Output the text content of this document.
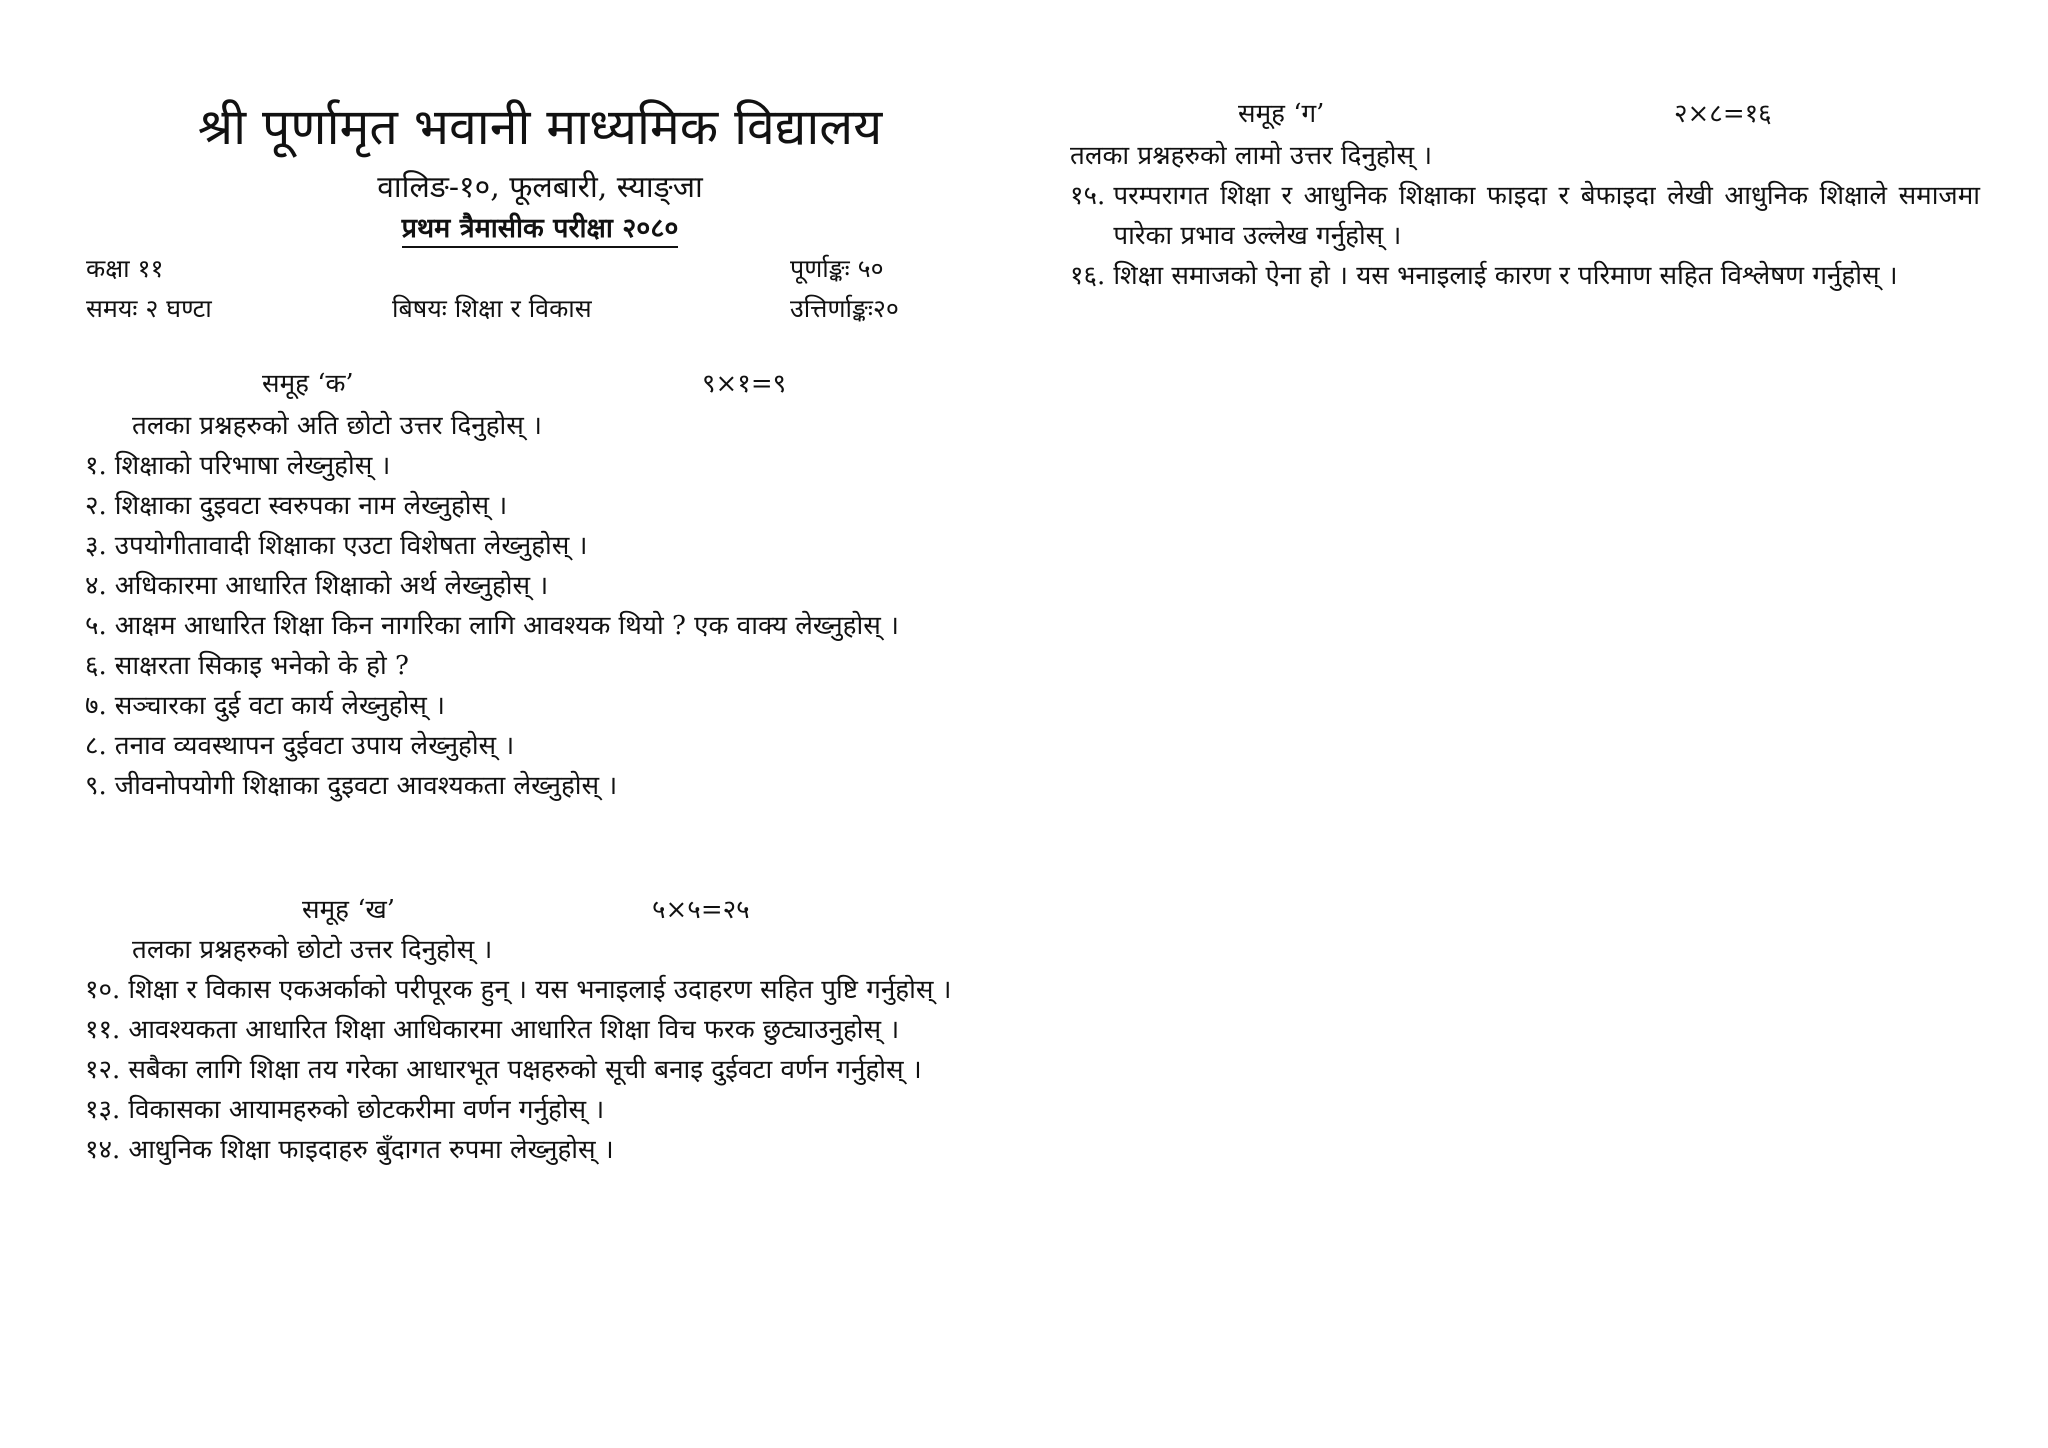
श्री पूर्णामृत भवानी माध्यमिक विद्यालय
वालिङ-१०, फूलबारी, स्याङ्जा
प्रथम त्रैमासीक परीक्षा २०८०
कक्षा ११	पूर्णाङ्कः ५०
समयः २ घण्टा	बिषयः शिक्षा र विकास	उत्तिर्णाङ्कः२०
समूह ‘क’	९×१=९
तलका प्रश्नहरुको अति छोटो उत्तर दिनुहोस् ।
१. शिक्षाको परिभाषा लेख्नुहोस् ।
२. शिक्षाका दुइवटा स्वरुपका नाम लेख्नुहोस् ।
३. उपयोगीतावादी शिक्षाका एउटा विशेषता लेख्नुहोस् ।
४. अधिकारमा आधारित शिक्षाको अर्थ लेख्नुहोस् ।
५. आक्षम आधारित शिक्षा किन नागरिका लागि आवश्यक थियो ? एक वाक्य लेख्नुहोस् ।
६. साक्षरता सिकाइ भनेको के हो ?
७. सञ्चारका दुई वटा कार्य लेख्नुहोस् ।
८. तनाव व्यवस्थापन दुईवटा उपाय लेख्नुहोस् ।
९. जीवनोपयोगी शिक्षाका दुइवटा आवश्यकता लेख्नुहोस् ।
समूह ‘ख’	५×५=२५
तलका प्रश्नहरुको छोटो उत्तर दिनुहोस् ।
१०. शिक्षा र विकास एकअर्काको परीपूरक हुन् । यस भनाइलाई उदाहरण सहित पुष्टि गर्नुहोस् ।
११. आवश्यकता आधारित शिक्षा आधिकारमा आधारित शिक्षा विच फरक छुट्याउनुहोस् ।
१२. सबैका लागि शिक्षा तय गरेका आधारभूत पक्षहरुको सूची बनाइ दुईवटा वर्णन गर्नुहोस् ।
१३. विकासका आयामहरुको छोटकरीमा वर्णन गर्नुहोस् ।
१४. आधुनिक शिक्षा फाइदाहरु बुँदागत रुपमा लेख्नुहोस् ।
समूह ‘ग’	२×८=१६
तलका प्रश्नहरुको लामो उत्तर दिनुहोस् ।
१५. परम्परागत शिक्षा र आधुनिक शिक्षाका फाइदा र बेफाइदा लेखी आधुनिक शिक्षाले समाजमा पारेका प्रभाव उल्लेख गर्नुहोस् ।
१६. शिक्षा समाजको ऐना हो । यस भनाइलाई कारण र परिमाण सहित विश्लेषण गर्नुहोस् ।
